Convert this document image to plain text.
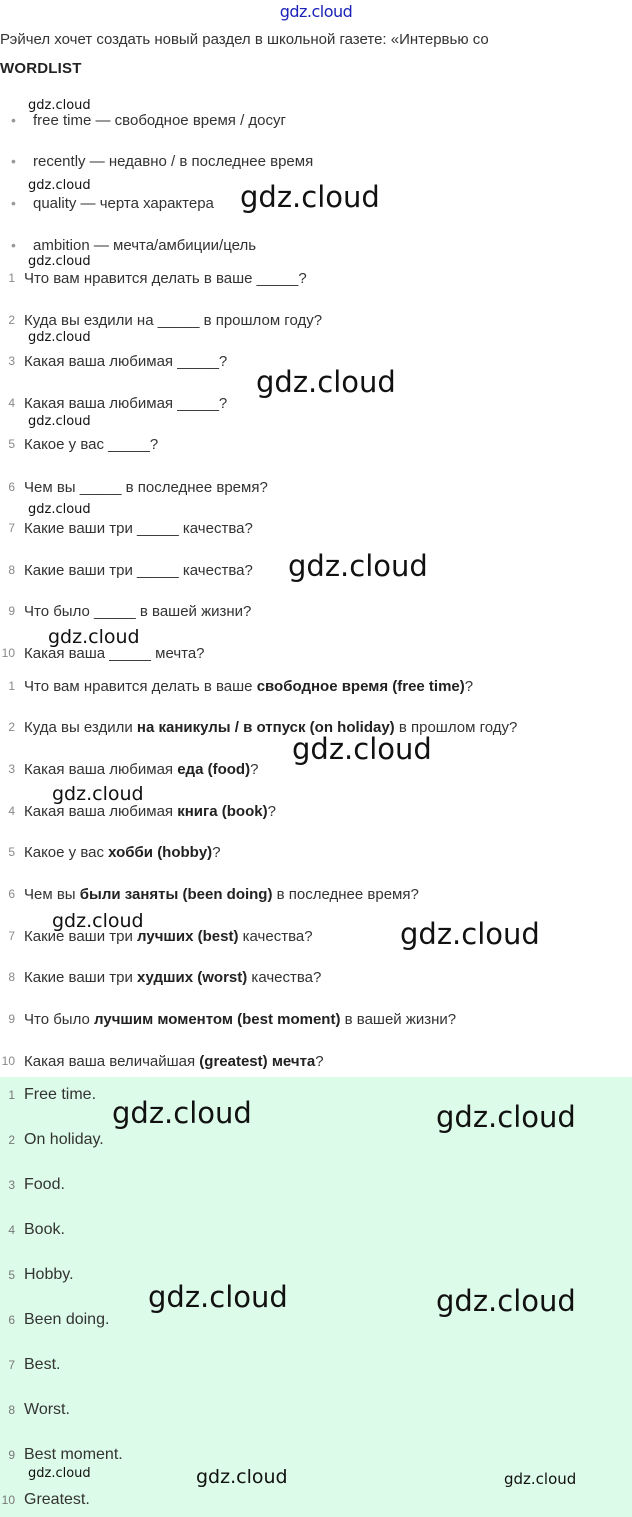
gdz.cloud
Рэйчел хочет создать новый раздел в школьной газете: «Интервью со
WORDLIST
•	free time — свободное время / досуг
•	recently — недавно / в последнее время
•	quality — черта характера
•	ambition — мечта/амбиции/цель
1 Что вам нравится делать в ваше _____?
2 Куда вы ездили на _____ в прошлом году?
3 Какая ваша любимая _____?
4 Какая ваша любимая _____?
5 Какое у вас _____?
6 Чем вы _____ в последнее время?
7 Какие ваши три _____ качества?
8 Какие ваши три _____ качества?
9 Что было _____ в вашей жизни?
10 Какая ваша _____ мечта?
1 Что вам нравится делать в ваше свободное время (free time)?
2 Куда вы ездили на каникулы / в отпуск (on holiday) в прошлом году?
3 Какая ваша любимая еда (food)?
4 Какая ваша любимая книга (book)?
5 Какое у вас хобби (hobby)?
6 Чем вы были заняты (been doing) в последнее время?
7 Какие ваши три лучших (best) качества?
8 Какие ваши три худших (worst) качества?
9 Что было лучшим моментом (best moment) в вашей жизни?
10 Какая ваша величайшая (greatest) мечта?
1 Free time.
2 On holiday.
3 Food.
4 Book.
5 Hobby.
6 Been doing.
7 Best.
8 Worst.
9 Best moment.
10 Greatest.
gdz.cloud
gdz.cloud	gdz.cloud
gdz.cloud
gdz.cloud
gdz.cloud
gdz.cloud
gdz.cloud
gdz.cloud
gdz.cloud
gdz.cloud
gdz.cloud
gdz.cloud	gdz.cloud
gdz.cloud	gdz.cloud
gdz.cloud	gdz.cloud
gdz.cloud	gdz.cloud	gdz.cloud
